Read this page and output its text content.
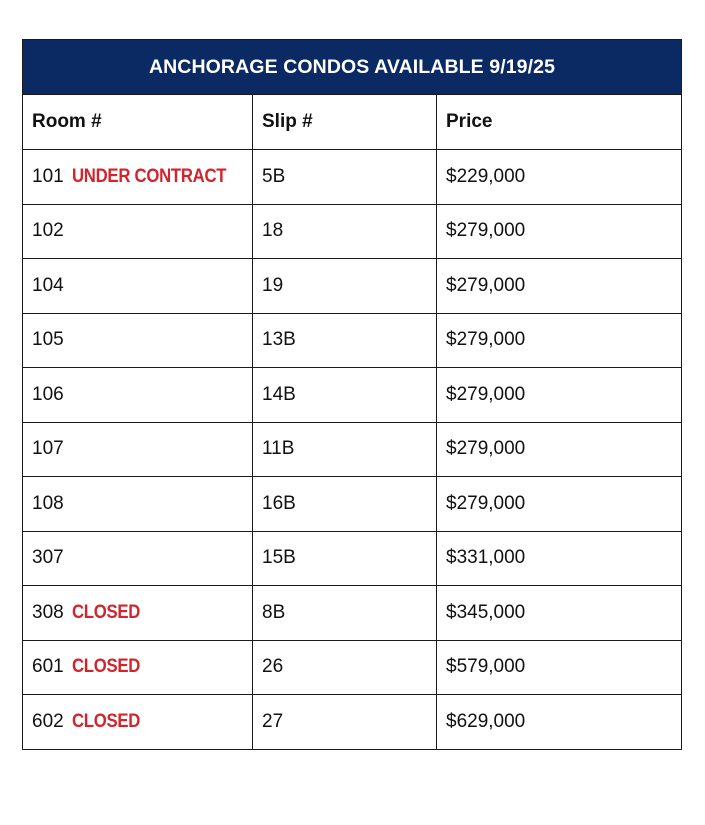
ANCHORAGE CONDOS AVAILABLE 9/19/25		
Room #	Slip #	Price
101 UNDER CONTRACT	5B	$229,000
102	18	$279,000
104	19	$279,000
105	13B	$279,000
106	14B	$279,000
107	11B	$279,000
108	16B	$279,000
307	15B	$331,000
308 CLOSED	8B	$345,000
601 CLOSED	26	$579,000
602 CLOSED	27	$629,000
